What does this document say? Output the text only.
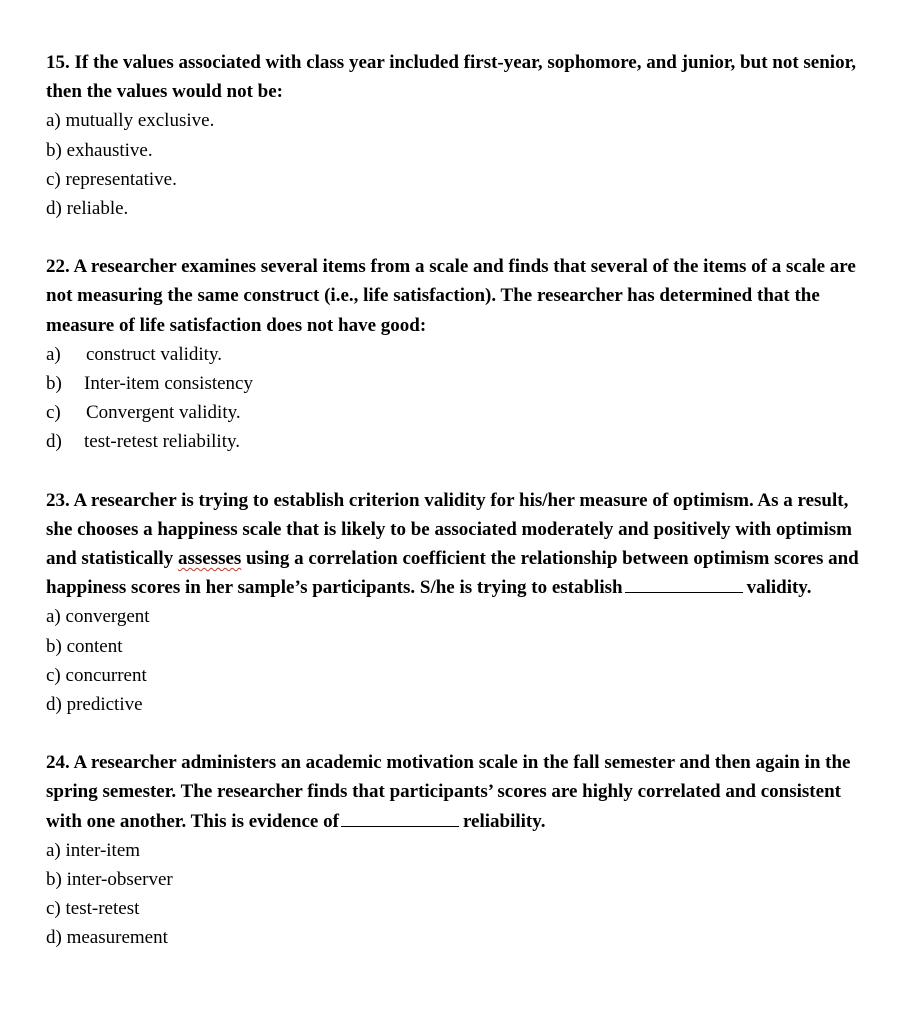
15. If the values associated with class year included first-year, sophomore, and junior, but not senior, then the values would not be:

a) mutually exclusive.
b) exhaustive.
c) representative.
d) reliable.

22. A researcher examines several items from a scale and finds that several of the items of a scale are not measuring the same construct (i.e., life satisfaction). The researcher has determined that the measure of life satisfaction does not have good:

a) construct validity.
b) Inter-item consistency
c) Convergent validity.
d) test-retest reliability.

23. A researcher is trying to establish criterion validity for his/her measure of optimism. As a result, she chooses a happiness scale that is likely to be associated moderately and positively with optimism and statistically assesses using a correlation coefficient the relationship between optimism scores and happiness scores in her sample’s participants. S/he is trying to establish	validity.

a) convergent
b) content
c) concurrent
d) predictive

24. A researcher administers an academic motivation scale in the fall semester and then again in the spring semester. The researcher finds that participants’ scores are highly correlated and consistent with one another. This is evidence of	reliability.

a) inter-item
b) inter-observer
c) test-retest
d) measurement
